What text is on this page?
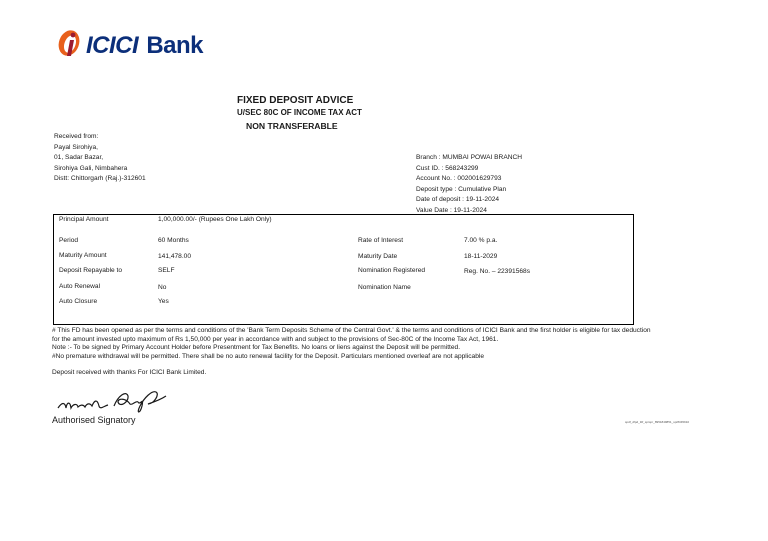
ICICI Bank
FIXED DEPOSIT ADVICE
U/SEC 80C OF INCOME TAX ACT
NON TRANSFERABLE
Received from:
Payal Sirohiya,
01, Sadar Bazar,
Sirohiya Gali, Nimbahera
Distt: Chittorgarh (Raj.)-312601
Branch : MUMBAI POWAI BRANCH
Cust ID. : 568243299
Account No. : 002001629793
Deposit type : Cumulative Plan
Date of deposit : 19-11-2024
Value Date : 19-11-2024
Principal Amount	1,00,000.00/- (Rupees One Lakh Only)
Period	60 Months	Rate of Interest	7.00 % p.a.
Maturity Amount	141,478.00	Maturity Date	18-11-2029
Deposit Repayable to	SELF	Nomination Registered	Reg. No. – 22391568s
Auto Renewal	No	Nomination Name
Auto Closure	Yes
# This FD has been opened as per the terms and conditions of the 'Bank Term Deposits Scheme of the Central Govt.' & the terms and conditions of ICICI Bank and the first holder is eligible for tax deduction
for the amount invested upto maximum of Rs 1,50,000 per year in accordance with and subject to the provisions of Sec-80C of the Income Tax Act, 1961.
Note :- To be signed by Primary Account Holder before Presentment for Tax Benefits. No loans or liens against the Deposit will be permitted.
#No premature withdrawal will be permitted. There shall be no auto renewal facility for the Deposit. Particulars mentioned overleaf are not applicable
Deposit received with thanks For ICICI Bank Limited.
Authorised Signatory	spdf_dfpd_fdf_sprspr_8951849851_spr8345910
